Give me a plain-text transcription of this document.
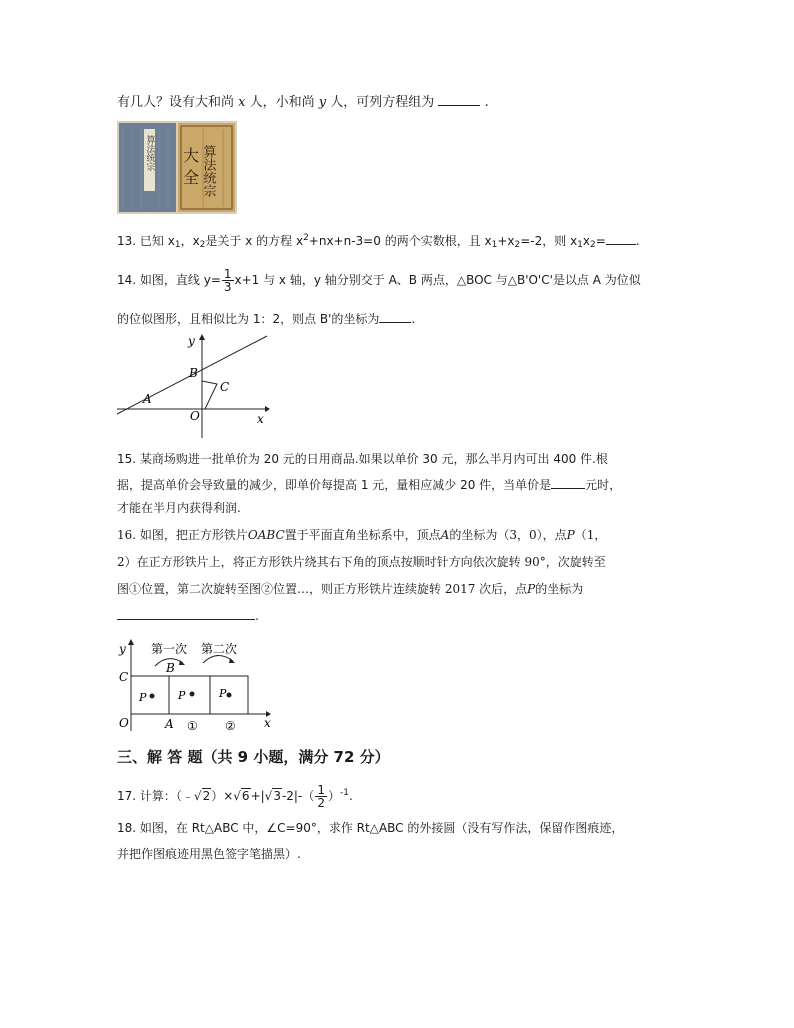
有几人？设有大和尚 x 人，小和尚 y 人，可列方程组为	.
算法统宗 大
全 算法统宗
13. 已知 $x_1$，$x_2$是关于 x 的方程 $x^2+nx+n-3=0$ 的两个实数根，且 $x_1+x_2=-2$，则 $x_1x_2=$	.
14. 如图，直线 $y= \frac{1}{3} x+1$ 与 x 轴，y 轴分别交于 A、B 两点，△BOC 与△B'O'C'是以点 A 为位似
的位似图形，且相似比为 1：2，则点 B'的坐标为	.
y
x
A
B
C
O
15. 某商场购进一批单价为 20 元的日用商品.如果以单价 30 元，那么半月内可出 400 件.根
据，提高单价会导致量的减少，即单价每提高 1 元，量相应减少 20 件，当单价是	元时，
才能在半月内获得利润.
16. 如图，把正方形铁片OABC置于平面直角坐标系中，顶点A的坐标为（3，0），点P（1，
2）在正方形铁片上，将正方形铁片绕其右下角的顶点按顺时针方向依次旋转 90°，次旋转至
图①位置，第二次旋转至图②位置…，则正方形铁片连续旋转 2017 次后，点P的坐标为
.
y
x
C
O	A
B
P	P	P
第一次 第二次
① ②
三、解 答 题（共 9 小题，满分 72 分）
17. 计算：（﹣√2）×√6+|√3-2|-（ $\frac{1}{2} )^{-1}$.
18. 如图，在 Rt△ABC 中，∠C=90°，求作 Rt△ABC 的外接圆（没有写作法，保留作图痕迹，
并把作图痕迹用黑色签字笔描黑）.
